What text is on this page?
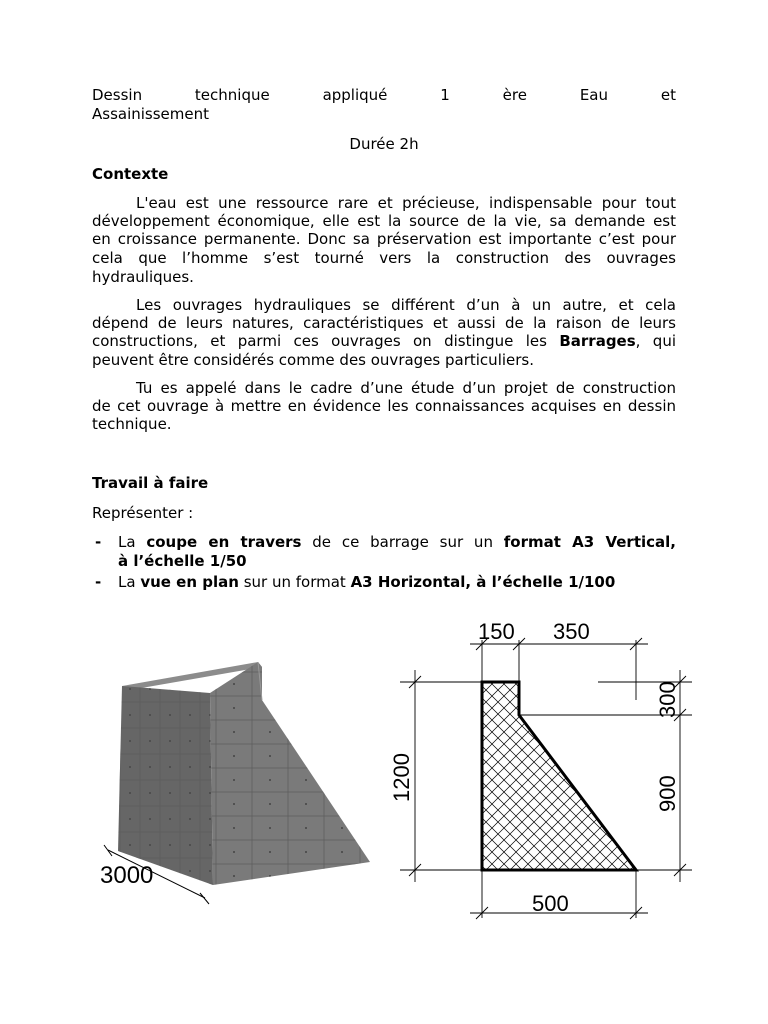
Dessin technique appliqué	1	ère	Eau	et
Assainissement
Durée 2h
Contexte
L'eau est une ressource rare et précieuse, indispensable pour tout
développement économique, elle est la source de la vie, sa demande est
en croissance permanente. Donc sa préservation est importante c’est pour
cela que l’homme s’est tourné vers la construction des ouvrages
hydrauliques.
Les ouvrages hydrauliques se différent d’un à un autre, et cela
dépend de leurs natures, caractéristiques et aussi de la raison de leurs
constructions, et parmi ces ouvrages on distingue les Barrages, qui
peuvent être considérés comme des ouvrages particuliers.
Tu es appelé dans le cadre d’une étude d’un projet de construction
de cet ouvrage à mettre en évidence les connaissances acquises en dessin
technique.
Travail à faire
Représenter :
- La coupe en travers de ce barrage sur un format A3 Vertical,
à l’échelle 1/50
- La vue en plan sur un format A3 Horizontal, à l’échelle 1/100
3000
150 350
1200
300
900
500
